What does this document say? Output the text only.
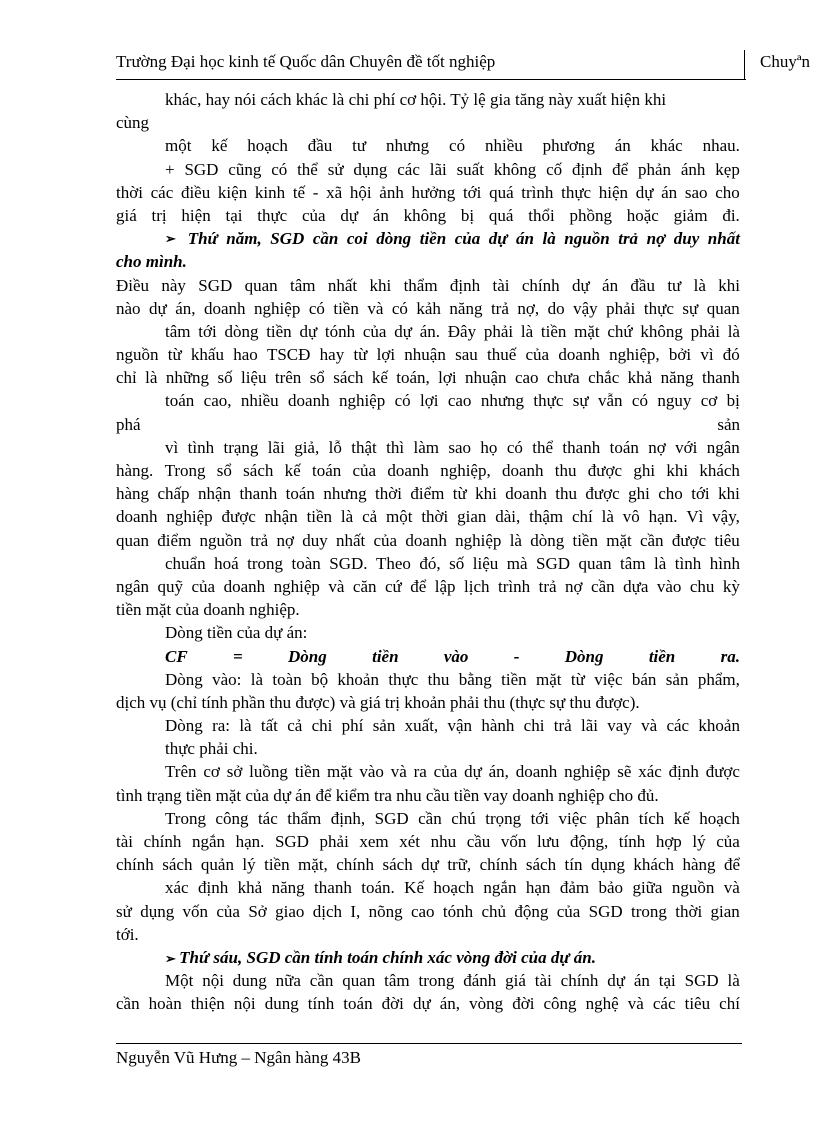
Trường Đại học kinh tế Quốc dân Chuyên đề tốt nghiệp	Chuyªn
khác, hay nói cách khác là chi phí cơ hội. Tỷ lệ gia tăng này xuất hiện khi
cùng
một kế hoạch đầu tư nhưng có nhiều phương án khác nhau.
+ SGD cũng có thể sử dụng các lãi suất không cố định để phản ánh kẹp
thời các điều kiện kinh tế - xã hội ảnh hưởng tới quá trình thực hiện dự án sao cho
giá trị hiện tại thực của dự án không bị quá thổi phồng hoặc giảm đi.
➢ Thứ năm, SGD cần coi dòng tiền của dự án là nguồn trả nợ duy nhất
cho mình.
Điều này SGD quan tâm nhất khi thẩm định tài chính dự án đầu tư là khi
nào dự án, doanh nghiệp có tiền và có kảh năng trả nợ, do vậy phải thực sự quan
tâm tới dòng tiền dự tónh của dự án. Đây phải là tiền mặt chứ không phải là
nguồn từ khấu hao TSCĐ hay từ lợi nhuận sau thuế của doanh nghiệp, bởi vì đó
chỉ là những số liệu trên sổ sách kế toán, lợi nhuận cao chưa chắc khả năng thanh
toán cao, nhiều doanh nghiệp có lợi cao nhưng thực sự vẫn có nguy cơ bị
phá	sản
vì tình trạng lãi giả, lỗ thật thì làm sao họ có thể thanh toán nợ với ngân
hàng. Trong sổ sách kế toán của doanh nghiệp, doanh thu được ghi khi khách
hàng chấp nhận thanh toán nhưng thời điểm từ khi doanh thu được ghi cho tới khi
doanh nghiệp được nhận tiền là cả một thời gian dài, thậm chí là vô hạn. Vì vậy,
quan điểm nguồn trả nợ duy nhất của doanh nghiệp là dòng tiền mặt cần được tiêu
chuẩn hoá trong toàn SGD. Theo đó, số liệu mà SGD quan tâm là tình hình
ngân quỹ của doanh nghiệp và căn cứ để lập lịch trình trả nợ cần dựa vào chu kỳ
tiền mặt của doanh nghiệp.
Dòng tiền của dự án:
CF	=	Dòng	tiền	vào	-	Dòng	tiền	ra.
Dòng vào: là toàn bộ khoản thực thu bằng tiền mặt từ việc bán sản phẩm,
dịch vụ (chỉ tính phần thu được) và giá trị khoản phải thu (thực sự thu được).
Dòng ra: là tất cả chi phí sản xuất, vận hành chi trả lãi vay và các khoản
thực phải chi.
Trên cơ sở luồng tiền mặt vào và ra của dự án, doanh nghiệp sẽ xác định được
tình trạng tiền mặt của dự án để kiểm tra nhu cầu tiền vay doanh nghiệp cho đủ.
Trong công tác thẩm định, SGD cần chú trọng tới việc phân tích kế hoạch
tài chính ngắn hạn. SGD phải xem xét nhu cầu vốn lưu động, tính hợp lý của
chính sách quản lý tiền mặt, chính sách dự trữ, chính sách tín dụng khách hàng để
xác định khả năng thanh toán. Kế hoạch ngắn hạn đảm bảo giữa nguồn và
sử dụng vốn của Sở giao dịch I, nõng cao tónh chủ động của SGD trong thời gian
tới.
➢ Thứ sáu, SGD cần tính toán chính xác vòng đời của dự án.
Một nội dung nữa cần quan tâm trong đánh giá tài chính dự án tại SGD là
cần hoàn thiện nội dung tính toán đời dự án, vòng đời công nghệ và các tiêu chí
Nguyễn Vũ Hưng – Ngân hàng 43B
